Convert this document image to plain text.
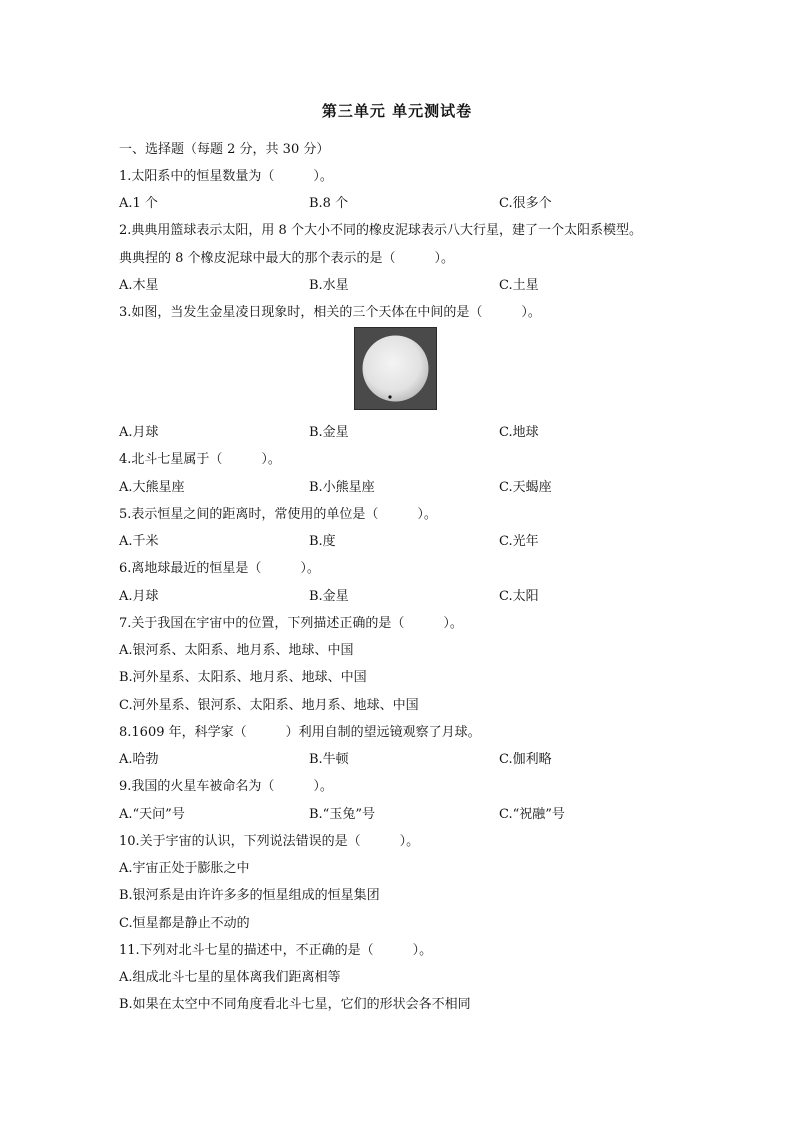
第三单元 单元测试卷
一、选择题（每题 2 分，共 30 分）
1.太阳系中的恒星数量为（　　　）。
A.1 个	B.8 个	C.很多个
2.典典用篮球表示太阳，用 8 个大小不同的橡皮泥球表示八大行星，建了一个太阳系模型。
典典捏的 8 个橡皮泥球中最大的那个表示的是（　　　）。
A.木星	B.水星	C.土星
3.如图，当发生金星凌日现象时，相关的三个天体在中间的是（　　　）。
A.月球	B.金星	C.地球
4.北斗七星属于（　　　）。
A.大熊星座	B.小熊星座	C.天蝎座
5.表示恒星之间的距离时，常使用的单位是（　　　）。
A.千米	B.度	C.光年
6.离地球最近的恒星是（　　　）。
A.月球	B.金星	C.太阳
7.关于我国在宇宙中的位置，下列描述正确的是（　　　）。
A.银河系、太阳系、地月系、地球、中国
B.河外星系、太阳系、地月系、地球、中国
C.河外星系、银河系、太阳系、地月系、地球、中国
8.1609 年，科学家（　　　）利用自制的望远镜观察了月球。
A.哈勃	B.牛顿	C.伽利略
9.我国的火星车被命名为（　　　）。
A.“天问”号	B.“玉兔”号	C.“祝融”号
10.关于宇宙的认识，下列说法错误的是（　　　）。
A.宇宙正处于膨胀之中
B.银河系是由许许多多的恒星组成的恒星集团
C.恒星都是静止不动的
11.下列对北斗七星的描述中，不正确的是（　　　）。
A.组成北斗七星的星体离我们距离相等
B.如果在太空中不同角度看北斗七星，它们的形状会各不相同
